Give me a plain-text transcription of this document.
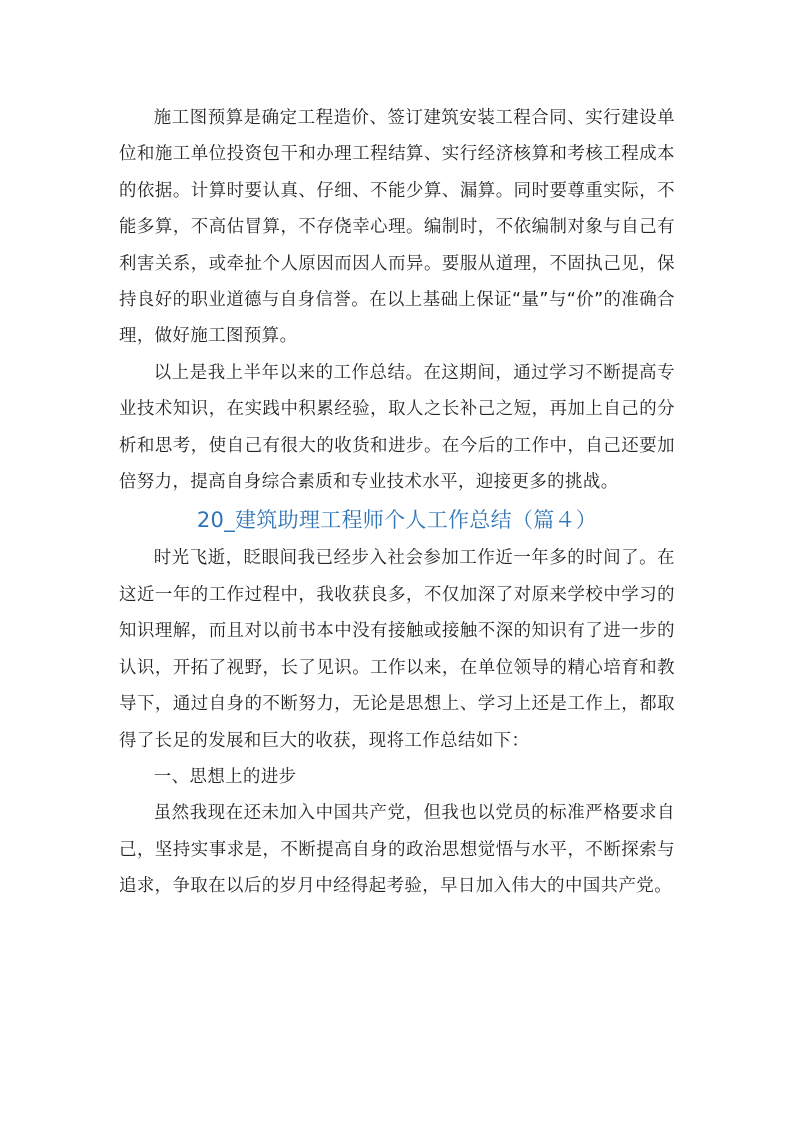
施工图预算是确定工程造价、签订建筑安装工程合同、实行建设单位和施工单位投资包干和办理工程结算、实行经济核算和考核工程成本的依据。计算时要认真、仔细、不能少算、漏算。同时要尊重实际，不能多算，不高估冒算，不存侥幸心理。编制时，不依编制对象与自己有利害关系，或牵扯个人原因而因人而异。要服从道理，不固执己见，保持良好的职业道德与自身信誉。在以上基础上保证“量”与“价”的准确合理，做好施工图预算。

以上是我上半年以来的工作总结。在这期间，通过学习不断提高专业技术知识，在实践中积累经验，取人之长补己之短，再加上自己的分析和思考，使自己有很大的收货和进步。在今后的工作中，自己还要加倍努力，提高自身综合素质和专业技术水平，迎接更多的挑战。

20_建筑助理工程师个人工作总结（篇４）

时光飞逝，眨眼间我已经步入社会参加工作近一年多的时间了。在这近一年的工作过程中，我收获良多，不仅加深了对原来学校中学习的知识理解，而且对以前书本中没有接触或接触不深的知识有了进一步的认识，开拓了视野，长了见识。工作以来，在单位领导的精心培育和教导下，通过自身的不断努力，无论是思想上、学习上还是工作上，都取得了长足的发展和巨大的收获，现将工作总结如下：

一、思想上的进步

虽然我现在还未加入中国共产党，但我也以党员的标准严格要求自己，坚持实事求是，不断提高自身的政治思想觉悟与水平，不断探索与追求，争取在以后的岁月中经得起考验，早日加入伟大的中国共产党。
